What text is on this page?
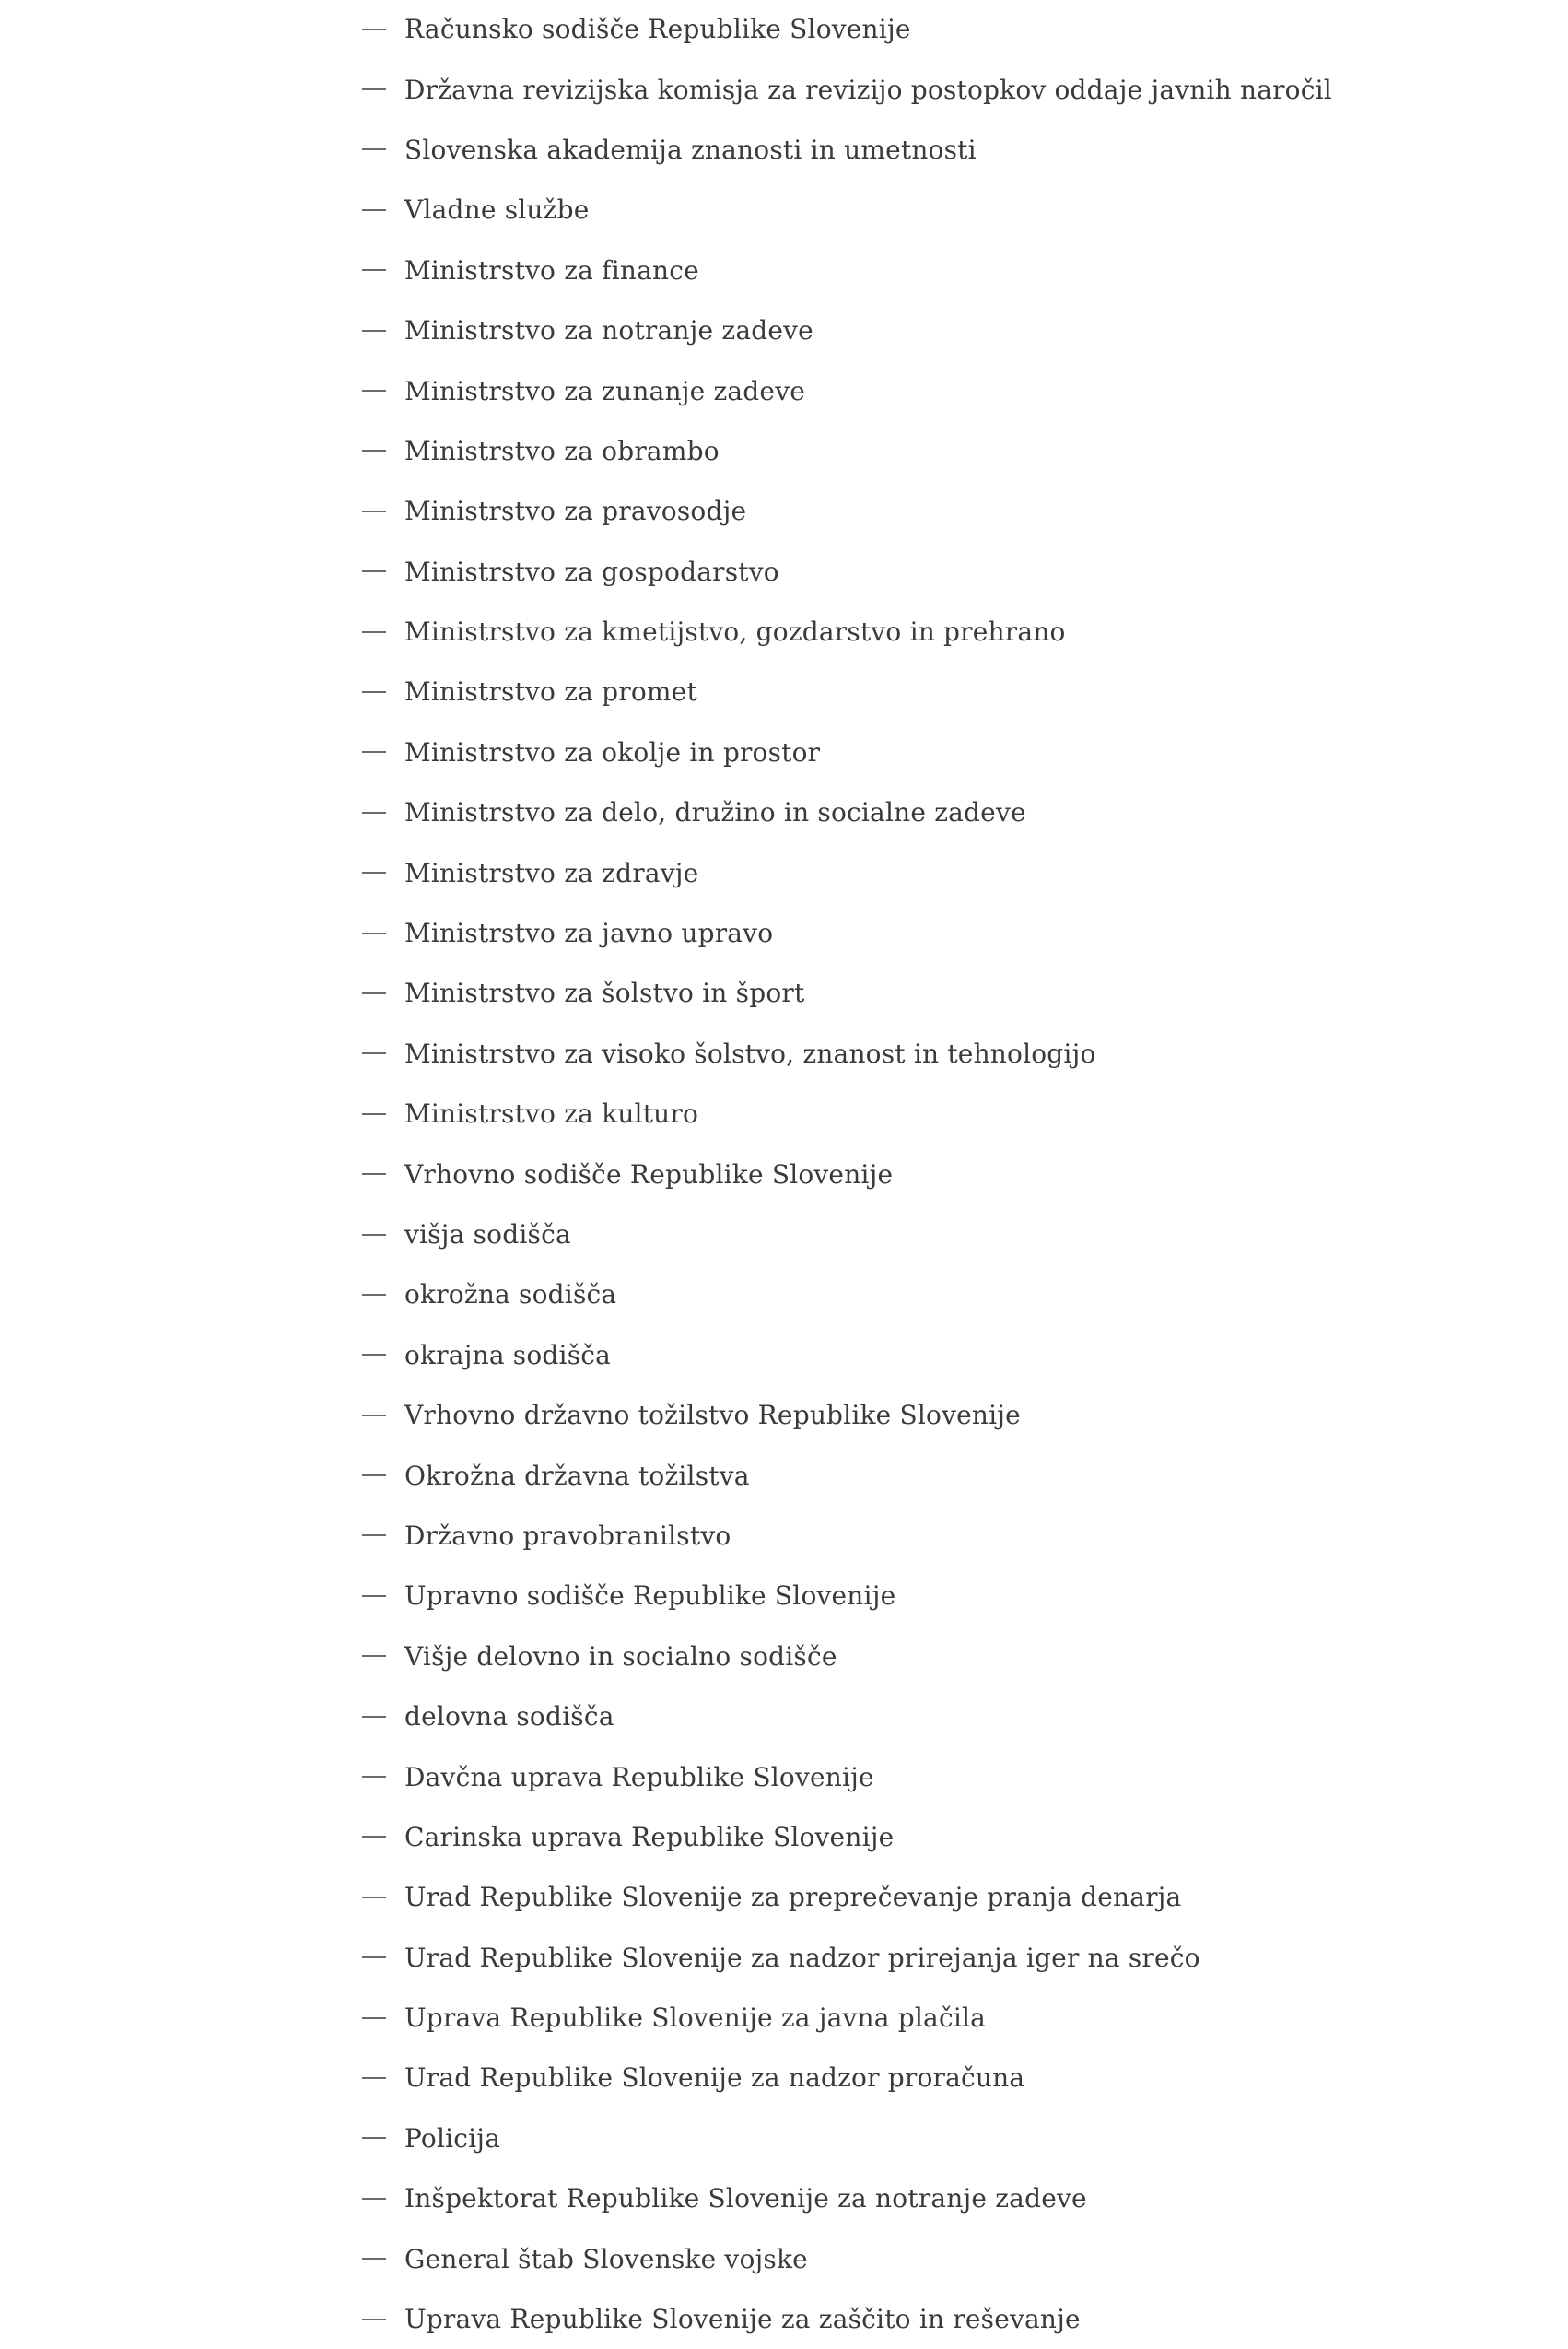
Računsko sodišče Republike Slovenije
Državna revizijska komisja za revizijo postopkov oddaje javnih naročil
Slovenska akademija znanosti in umetnosti
Vladne službe
Ministrstvo za finance
Ministrstvo za notranje zadeve
Ministrstvo za zunanje zadeve
Ministrstvo za obrambo
Ministrstvo za pravosodje
Ministrstvo za gospodarstvo
Ministrstvo za kmetijstvo, gozdarstvo in prehrano
Ministrstvo za promet
Ministrstvo za okolje in prostor
Ministrstvo za delo, družino in socialne zadeve
Ministrstvo za zdravje
Ministrstvo za javno upravo
Ministrstvo za šolstvo in šport
Ministrstvo za visoko šolstvo, znanost in tehnologijo
Ministrstvo za kulturo
Vrhovno sodišče Republike Slovenije
višja sodišča
okrožna sodišča
okrajna sodišča
Vrhovno državno tožilstvo Republike Slovenije
Okrožna državna tožilstva
Državno pravobranilstvo
Upravno sodišče Republike Slovenije
Višje delovno in socialno sodišče
delovna sodišča
Davčna uprava Republike Slovenije
Carinska uprava Republike Slovenije
Urad Republike Slovenije za preprečevanje pranja denarja
Urad Republike Slovenije za nadzor prirejanja iger na srečo
Uprava Republike Slovenije za javna plačila
Urad Republike Slovenije za nadzor proračuna
Policija
Inšpektorat Republike Slovenije za notranje zadeve
General štab Slovenske vojske
Uprava Republike Slovenije za zaščito in reševanje
